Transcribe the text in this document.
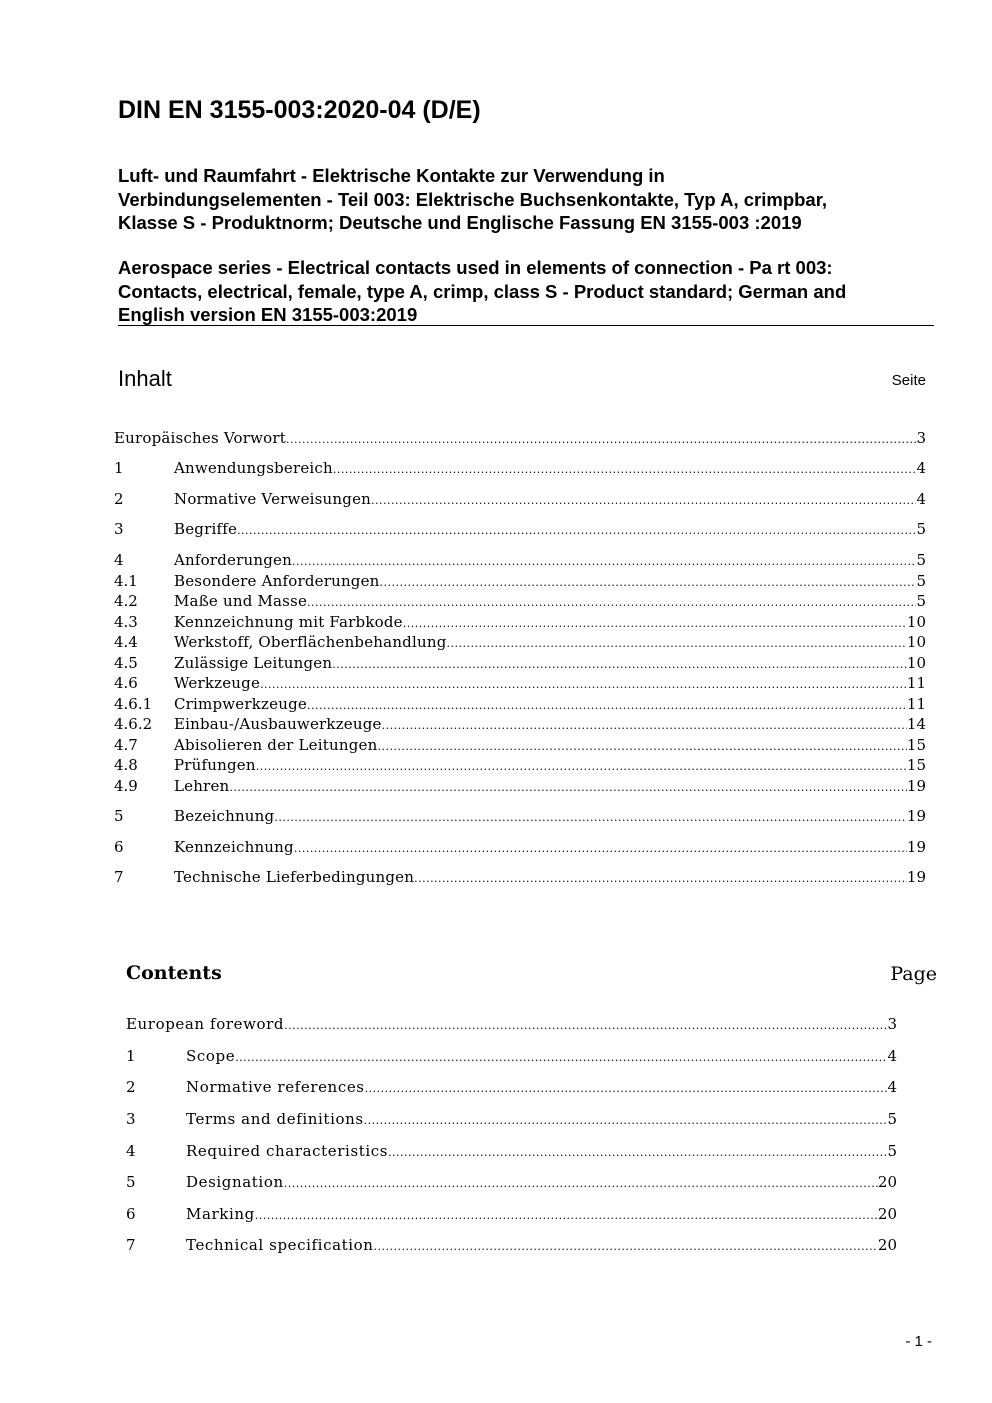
DIN EN 3155-003:2020-04 (D/E)
Luft- und Raumfahrt - Elektrische Kontakte zur Verwendung in
Verbindungselementen - Teil 003: Elektrische Buchsenkontakte, Typ A, crimpbar,
Klasse S - Produktnorm; Deutsche und Englische Fassung EN 3155-003 :2019
Aerospace series - Electrical contacts used in elements of connection - Pa rt 003:
Contacts, electrical, female, type A, crimp, class S - Product standard; German and
English version EN 3155-003:2019
Inhalt	Seite
Europäisches Vorwort .....	3
1	Anwendungsbereich .....	4
2	Normative Verweisungen .....	4
3	Begriffe .....	5
4	Anforderungen .....	5
4.1	Besondere Anforderungen .....	5
4.2	Maße und Masse .....	5
4.3	Kennzeichnung mit Farbkode .....	10
4.4	Werkstoff, Oberflächenbehandlung .....	10
4.5	Zulässige Leitungen .....	10
4.6	Werkzeuge .....	11
4.6.1	Crimpwerkzeuge .....	11
4.6.2	Einbau-/Ausbauwerkzeuge .....	14
4.7	Abisolieren der Leitungen .....	15
4.8	Prüfungen .....	15
4.9	Lehren .....	19
5	Bezeichnung .....	19
6	Kennzeichnung .....	19
7	Technische Lieferbedingungen .....	19
Contents	Page
European foreword .....	3
1	Scope .....	4
2	Normative references .....	4
3	Terms and definitions .....	5
4	Required characteristics .....	5
5	Designation .....	20
6	Marking .....	20
7	Technical specification .....	20
- 1 -
